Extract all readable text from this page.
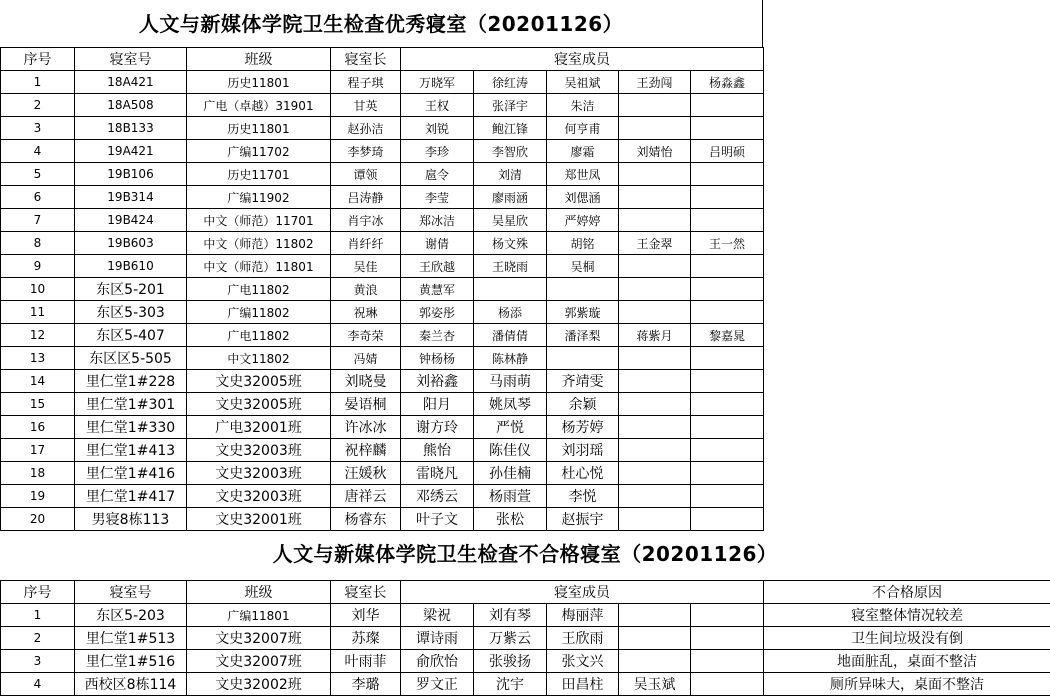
人文与新媒体学院卫生检查优秀寝室（20201126）
序号	寝室号	班级	寝室长	寝室成员				
1	18A421	历史11801	程子琪	万晓军	徐红涛	吴祖斌	王劲闯	杨淼鑫
2	18A508	广电（卓越）31901	甘英	王权	张泽宇	朱洁		
3	18B133	历史11801	赵孙洁	刘锐	鲍江锋	何亨甫		
4	19A421	广编11702	李梦琦	李珍	李智欣	廖霜	刘婧怡	吕明硕
5	19B106	历史11701	谭领	扈令	刘清	郑世凤		
6	19B314	广编11902	吕涛静	李莹	廖雨涵	刘偲涵		
7	19B424	中文（师范）11701	肖宇冰	郑冰洁	吴星欣	严婷婷		
8	19B603	中文（师范）11802	肖纤纤	谢倩	杨文殊	胡铭	王金翠	王一然
9	19B610	中文（师范）11801	吴佳	王欣越	王晓雨	吴桐		
10	东区5-201	广电11802	黄浪	黄慧军				
11	东区5-303	广编11802	祝琳	郭姿彤	杨添	郭紫璇		
12	东区5-407	广电11802	李奇荣	秦兰杏	潘倩倩	潘泽梨	蒋紫月	黎嘉晁
13	东区区5-505	中文11802	冯婧	钟杨杨	陈林静			
14	里仁堂1#228	文史32005班	刘晓曼	刘裕鑫	马雨萌	齐靖雯		
15	里仁堂1#301	文史32005班	晏语桐	阳月	姚凤琴	余颖		
16	里仁堂1#330	广电32001班	许冰冰	谢方玲	严悦	杨芳婷		
17	里仁堂1#413	文史32003班	祝梓麟	熊怡	陈佳仪	刘羽瑶		
18	里仁堂1#416	文史32003班	汪媛秋	雷晓凡	孙佳楠	杜心悦		
19	里仁堂1#417	文史32003班	唐祥云	邓绣云	杨雨萱	李悦		
20	男寝8栋113	文史32001班	杨睿东	叶子文	张松	赵振宇		
人文与新媒体学院卫生检查不合格寝室（20201126）
序号	寝室号	班级	寝室长	寝室成员					不合格原因
1	东区5-203	广编11801	刘华	梁祝	刘有琴	梅丽萍			寝室整体情况较差
2	里仁堂1#513	文史32007班	苏璨	谭诗雨	万紫云	王欣雨			卫生间垃圾没有倒
3	里仁堂1#516	文史32007班	叶雨菲	俞欣怡	张骏扬	张文兴			地面脏乱，桌面不整洁
4	西校区8栋114	文史32002班	李璐	罗文正	沈宇	田昌柱	吴玉斌		厕所异味大，桌面不整洁
